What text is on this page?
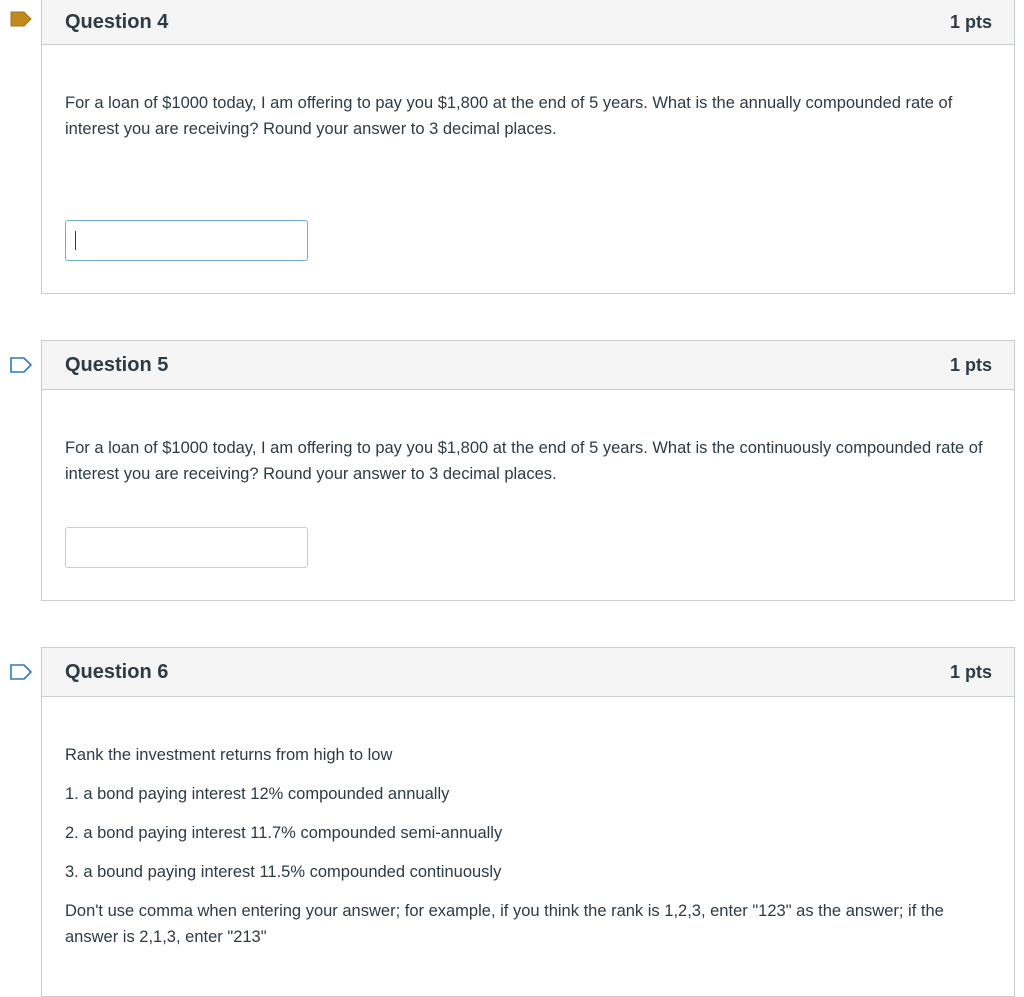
Question 4	1 pts

For a loan of $1000 today, I am offering to pay you $1,800 at the end of 5 years. What is the annually compounded rate of interest you are receiving? Round your answer to 3 decimal places.

Question 5	1 pts

For a loan of $1000 today, I am offering to pay you $1,800 at the end of 5 years. What is the continuously compounded rate of interest you are receiving? Round your answer to 3 decimal places.

Question 6	1 pts

Rank the investment returns from high to low

1. a bond paying interest 12% compounded annually

2. a bond paying interest 11.7% compounded semi-annually

3. a bound paying interest 11.5% compounded continuously

Don't use comma when entering your answer; for example, if you think the rank is 1,2,3, enter "123" as the answer; if the answer is 2,1,3, enter "213"
